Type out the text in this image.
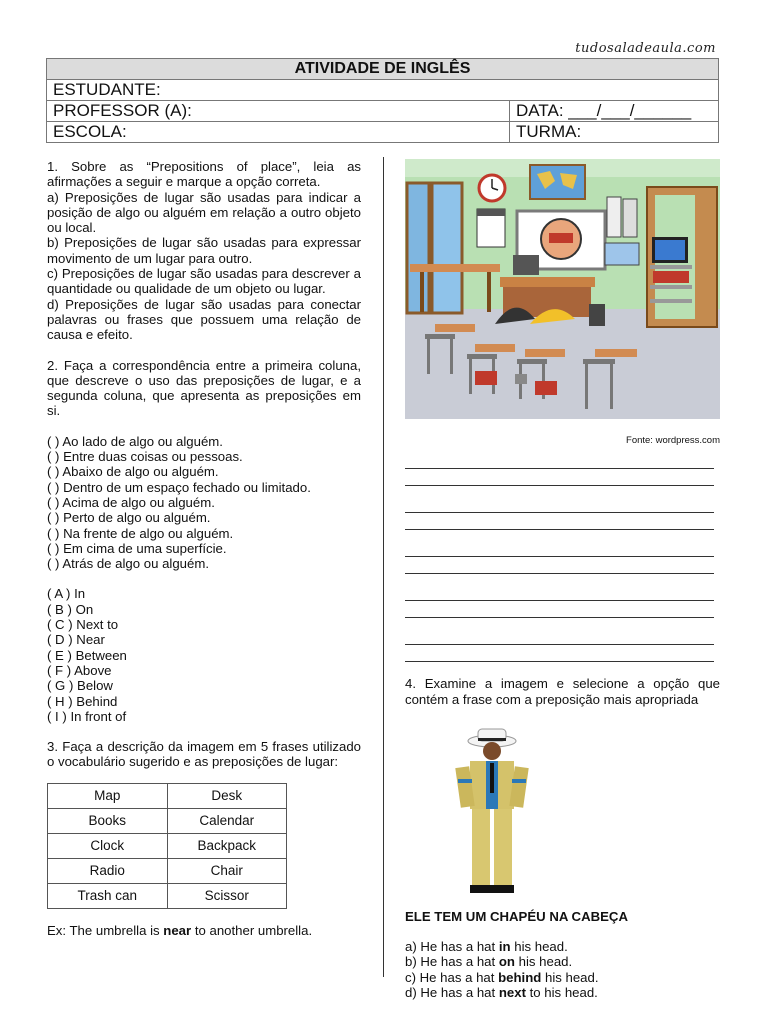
tudosaladeaula.com
ATIVIDADE DE INGLÊS	
ESTUDANTE:	
PROFESSOR (A):	DATA: ___/___/______
ESCOLA:	TURMA:

1. Sobre as “Prepositions of place”, leia as afirmações a seguir e marque a opção correta.

a) Preposições de lugar são usadas para indicar a posição de algo ou alguém em relação a outro objeto ou local.

b) Preposições de lugar são usadas para expressar movimento de um lugar para outro.

c) Preposições de lugar são usadas para descrever a quantidade ou qualidade de um objeto ou lugar.

d) Preposições de lugar são usadas para conectar palavras ou frases que possuem uma relação de causa e efeito.

2. Faça a correspondência entre a primeira coluna, que descreve o uso das preposições de lugar, e a segunda coluna, que apresenta as preposições em si.

( ) Ao lado de algo ou alguém.

( ) Entre duas coisas ou pessoas.

( ) Abaixo de algo ou alguém.

( ) Dentro de um espaço fechado ou limitado.

( ) Acima de algo ou alguém.

( ) Perto de algo ou alguém.

( ) Na frente de algo ou alguém.

( ) Em cima de uma superfície.

( ) Atrás de algo ou alguém.

( A ) In

( B ) On

( C ) Next to

( D ) Near

( E ) Between

( F ) Above

( G ) Below

( H ) Behind

( I ) In front of

3. Faça a descrição da imagem em 5 frases utilizado o vocabulário sugerido e as preposições de lugar:

Map	Desk
Books	Calendar
Clock	Backpack
Radio	Chair
Trash can	Scissor

Ex: The umbrella is near to another umbrella.

Fonte: wordpress.com

4. Examine a imagem e selecione a opção que contém a frase com a preposição mais apropriada

ELE TEM UM CHAPÉU NA CABEÇA

a) He has a hat in his head.

b) He has a hat on his head.

c) He has a hat behind his head.

d) He has a hat next to his head.
